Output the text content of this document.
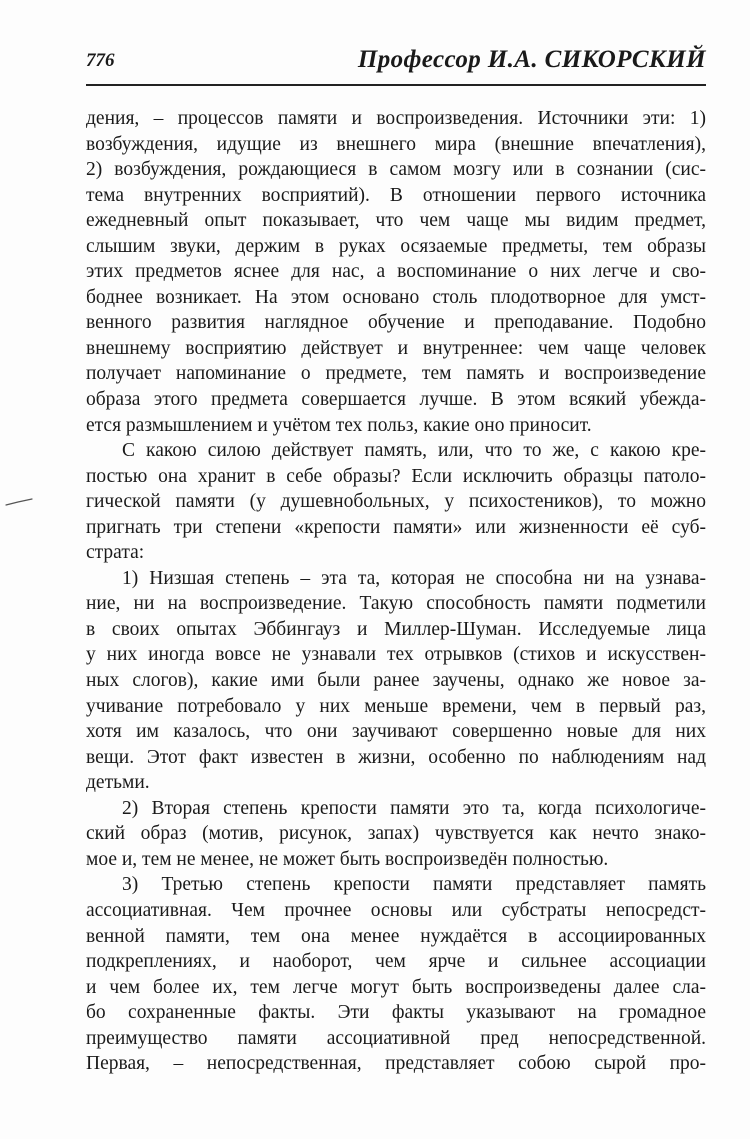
776	Профессор И.А. СИКОРСКИЙ
дения, – процессов памяти и воспроизведения. Источники эти: 1)
возбуждения, идущие из внешнего мира (внешние впечатления),
2) возбуждения, рождающиеся в самом мозгу или в сознании (сис-
тема внутренних восприятий). В отношении первого источника
ежедневный опыт показывает, что чем чаще мы видим предмет,
слышим звуки, держим в руках осязаемые предметы, тем образы
этих предметов яснее для нас, а воспоминание о них легче и сво-
боднее возникает. На этом основано столь плодотворное для умст-
венного развития наглядное обучение и преподавание. Подобно
внешнему восприятию действует и внутреннее: чем чаще человек
получает напоминание о предмете, тем память и воспроизведение
образа этого предмета совершается лучше. В этом всякий убежда-
ется размышлением и учётом тех польз, какие оно приносит.
С какою силою действует память, или, что то же, с какою кре-
постью она хранит в себе образы? Если исключить образцы патоло-
гической памяти (у душевнобольных, у психостеников), то можно
пригнать три степени «крепости памяти» или жизненности её суб-
страта:
1) Низшая степень – эта та, которая не способна ни на узнава-
ние, ни на воспроизведение. Такую способность памяти подметили
в своих опытах Эббингауз и Миллер-Шуман. Исследуемые лица
у них иногда вовсе не узнавали тех отрывков (стихов и искусствен-
ных слогов), какие ими были ранее заучены, однако же новое за-
учивание потребовало у них меньше времени, чем в первый раз,
хотя им казалось, что они заучивают совершенно новые для них
вещи. Этот факт известен в жизни, особенно по наблюдениям над
детьми.
2) Вторая степень крепости памяти это та, когда психологиче-
ский образ (мотив, рисунок, запах) чувствуется как нечто знако-
мое и, тем не менее, не может быть воспроизведён полностью.
3) Третью степень крепости памяти представляет память
ассоциативная. Чем прочнее основы или субстраты непосредст-
венной памяти, тем она менее нуждаётся в ассоциированных
подкреплениях, и наоборот, чем ярче и сильнее ассоциации
и чем более их, тем легче могут быть воспроизведены далее сла-
бо сохраненные факты. Эти факты указывают на громадное
преимущество памяти ассоциативной пред непосредственной.
Первая, – непосредственная, представляет собою сырой про-
